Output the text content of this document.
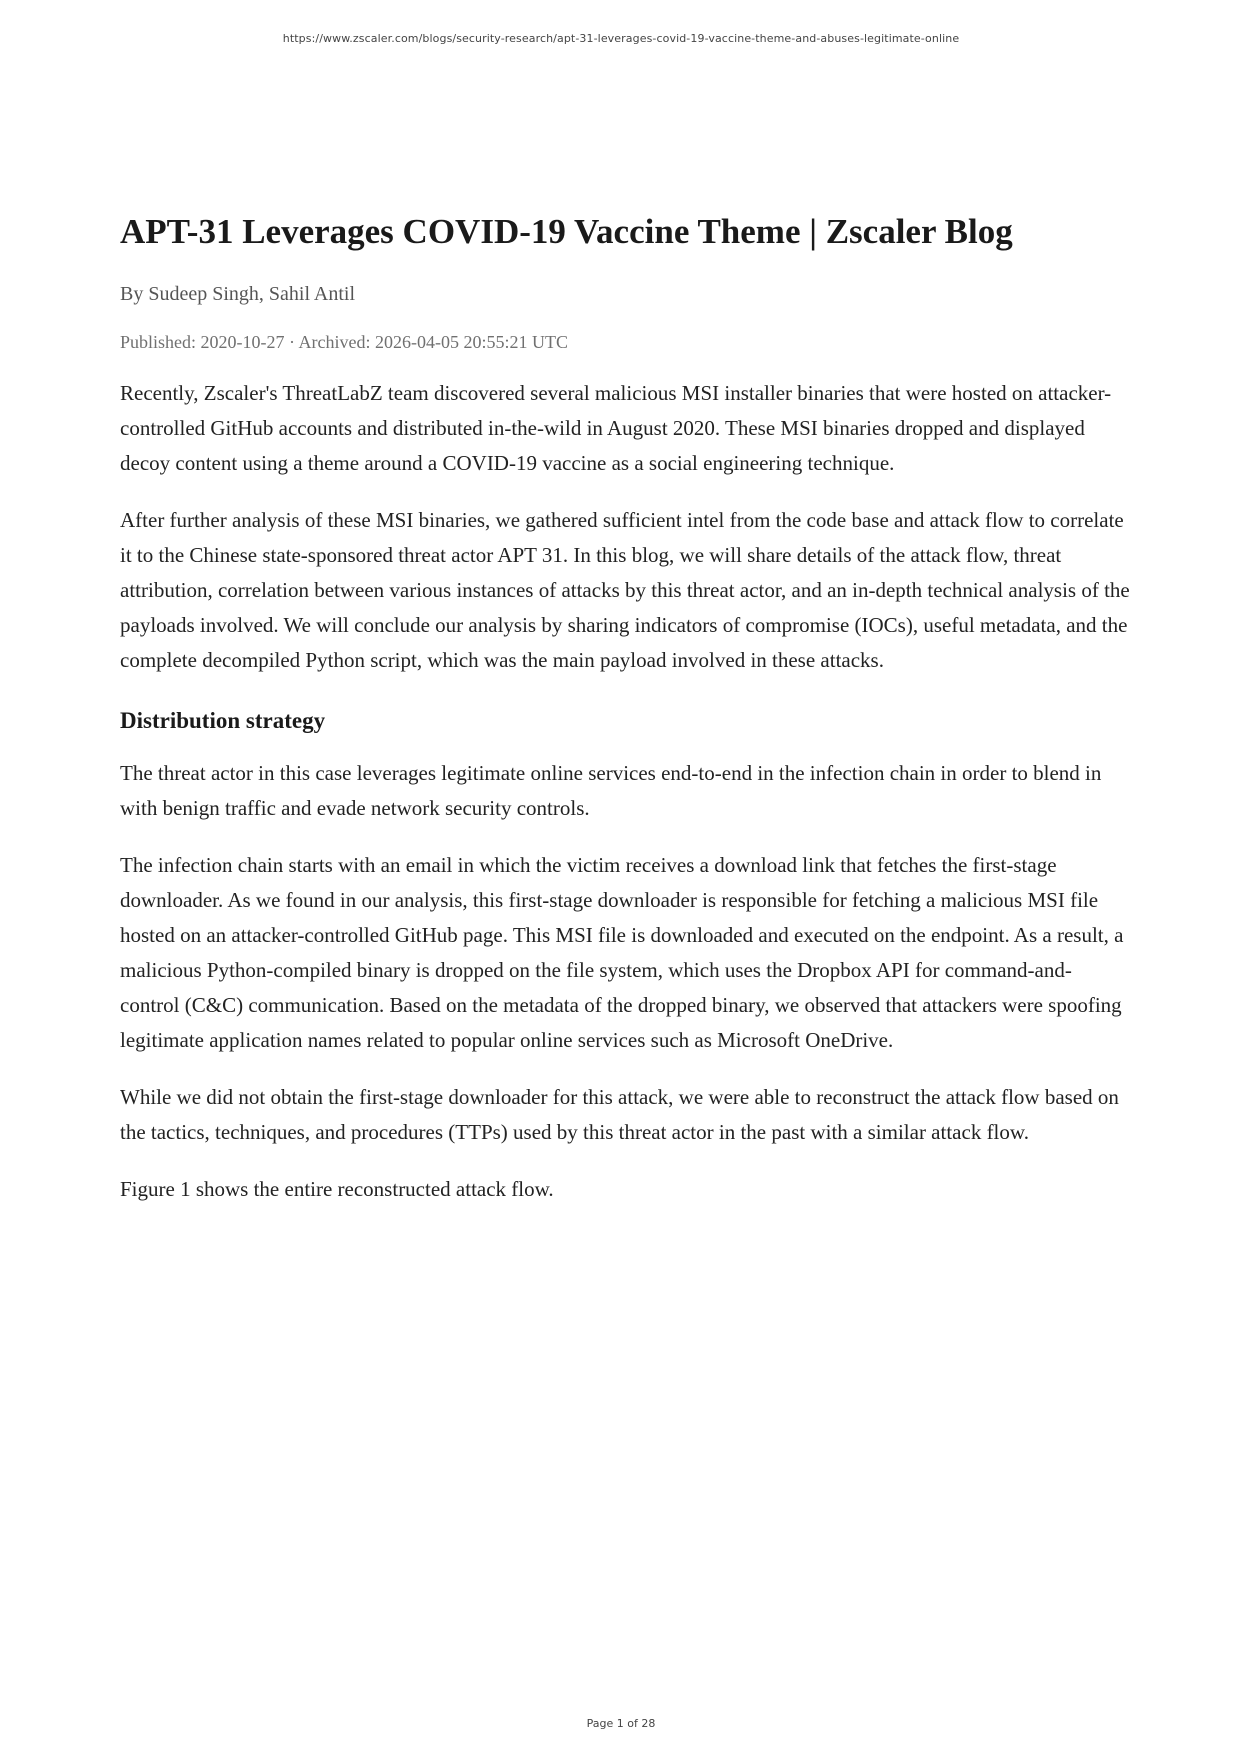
https://www.zscaler.com/blogs/security-research/apt-31-leverages-covid-19-vaccine-theme-and-abuses-legitimate-online
APT-31 Leverages COVID-19 Vaccine Theme | Zscaler Blog
By Sudeep Singh, Sahil Antil
Published: 2020-10-27 · Archived: 2026-04-05 20:55:21 UTC

Recently, Zscaler's ThreatLabZ team discovered several malicious MSI installer binaries that were hosted on attacker-controlled GitHub accounts and distributed in-the-wild in August 2020. These MSI binaries dropped and displayed decoy content using a theme around a COVID-19 vaccine as a social engineering technique.

After further analysis of these MSI binaries, we gathered sufficient intel from the code base and attack flow to correlate it to the Chinese state-sponsored threat actor APT 31. In this blog, we will share details of the attack flow, threat attribution, correlation between various instances of attacks by this threat actor, and an in-depth technical analysis of the payloads involved. We will conclude our analysis by sharing indicators of compromise (IOCs), useful metadata, and the complete decompiled Python script, which was the main payload involved in these attacks.

Distribution strategy

The threat actor in this case leverages legitimate online services end-to-end in the infection chain in order to blend in with benign traffic and evade network security controls.

The infection chain starts with an email in which the victim receives a download link that fetches the first-stage downloader. As we found in our analysis, this first-stage downloader is responsible for fetching a malicious MSI file hosted on an attacker-controlled GitHub page. This MSI file is downloaded and executed on the endpoint. As a result, a malicious Python-compiled binary is dropped on the file system, which uses the Dropbox API for command-and-control (C&C) communication. Based on the metadata of the dropped binary, we observed that attackers were spoofing legitimate application names related to popular online services such as Microsoft OneDrive.

While we did not obtain the first-stage downloader for this attack, we were able to reconstruct the attack flow based on the tactics, techniques, and procedures (TTPs) used by this threat actor in the past with a similar attack flow.

Figure 1 shows the entire reconstructed attack flow.

Page 1 of 28
